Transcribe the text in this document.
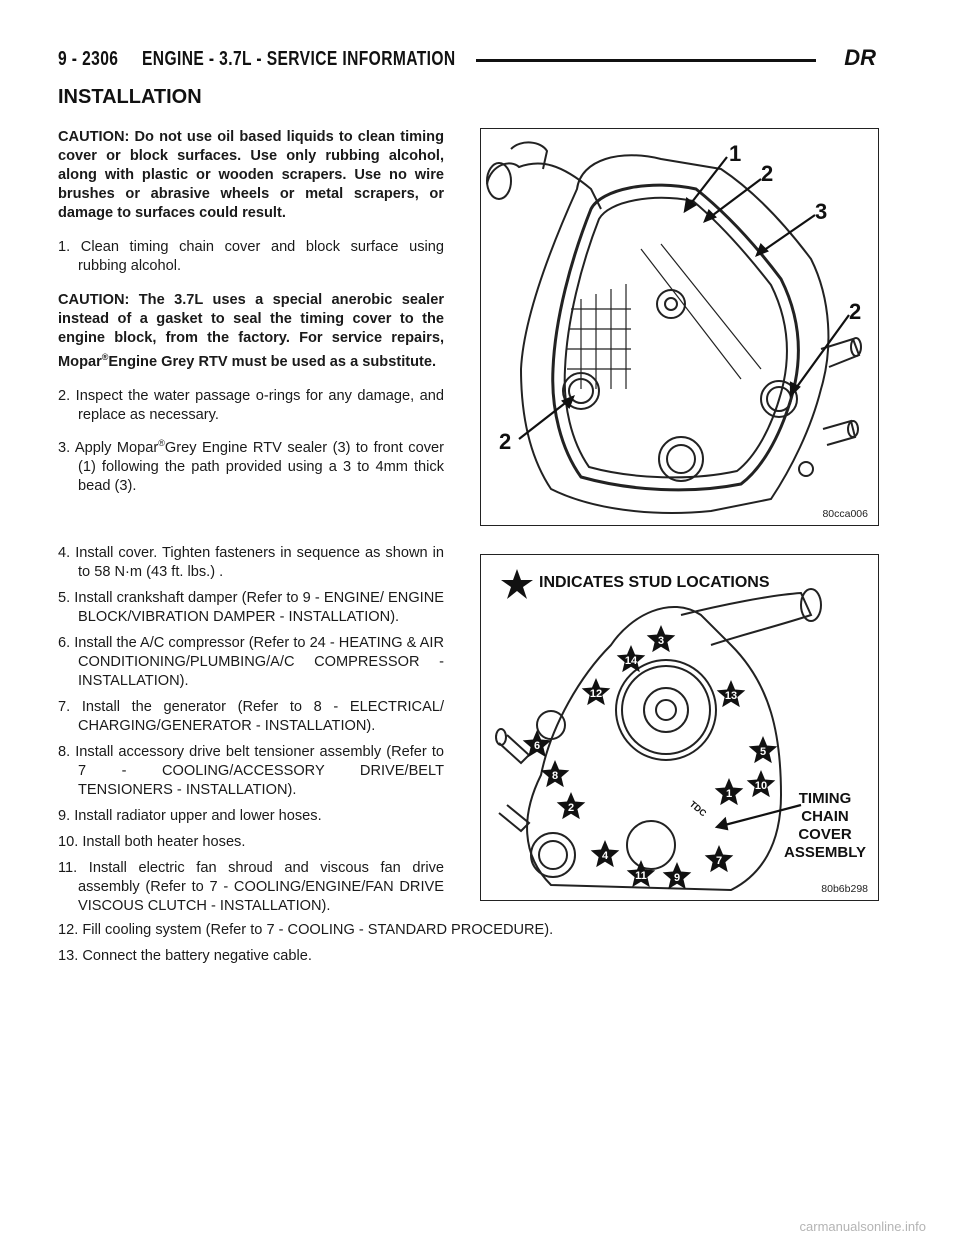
9 - 2306 ENGINE - 3.7L - SERVICE INFORMATION	DR
INSTALLATION
CAUTION: Do not use oil based liquids to clean timing cover or block surfaces. Use only rubbing alcohol, along with plastic or wooden scrapers. Use no wire brushes or abrasive wheels or metal scrapers, or damage to surfaces could result.
1. Clean timing chain cover and block surface using rubbing alcohol.
CAUTION: The 3.7L uses a special anerobic sealer instead of a gasket to seal the timing cover to the engine block, from the factory. For service repairs, Mopar®Engine Grey RTV must be used as a substitute.
2. Inspect the water passage o-rings for any damage, and replace as necessary.
3. Apply Mopar®Grey Engine RTV sealer (3) to front cover (1) following the path provided using a 3 to 4mm thick bead (3).
4. Install cover. Tighten fasteners in sequence as shown in to 58 N·m (43 ft. lbs.) .
5. Install crankshaft damper (Refer to 9 - ENGINE/ ENGINE BLOCK/VIBRATION DAMPER - INSTALLATION).
6. Install the A/C compressor (Refer to 24 - HEATING & AIR CONDITIONING/PLUMBING/A/C COMPRESSOR - INSTALLATION).
7. Install the generator (Refer to 8 - ELECTRICAL/ CHARGING/GENERATOR - INSTALLATION).
8. Install accessory drive belt tensioner assembly (Refer to 7 - COOLING/ACCESSORY DRIVE/BELT TENSIONERS - INSTALLATION).
9. Install radiator upper and lower hoses.
10. Install both heater hoses.
11. Install electric fan shroud and viscous fan drive assembly (Refer to 7 - COOLING/ENGINE/FAN DRIVE VISCOUS CLUTCH - INSTALLATION).
12. Fill cooling system (Refer to 7 - COOLING - STANDARD PROCEDURE).
13. Connect the battery negative cable.
1
2
3
2
2
80cca006
INDICATES STUD LOCATIONS
TDC
1
2
3
4
5
6
7
8
9
10
11
12	13
14
TIMING
CHAIN
COVER
ASSEMBLY
80b6b298
carmanualsonline.info
